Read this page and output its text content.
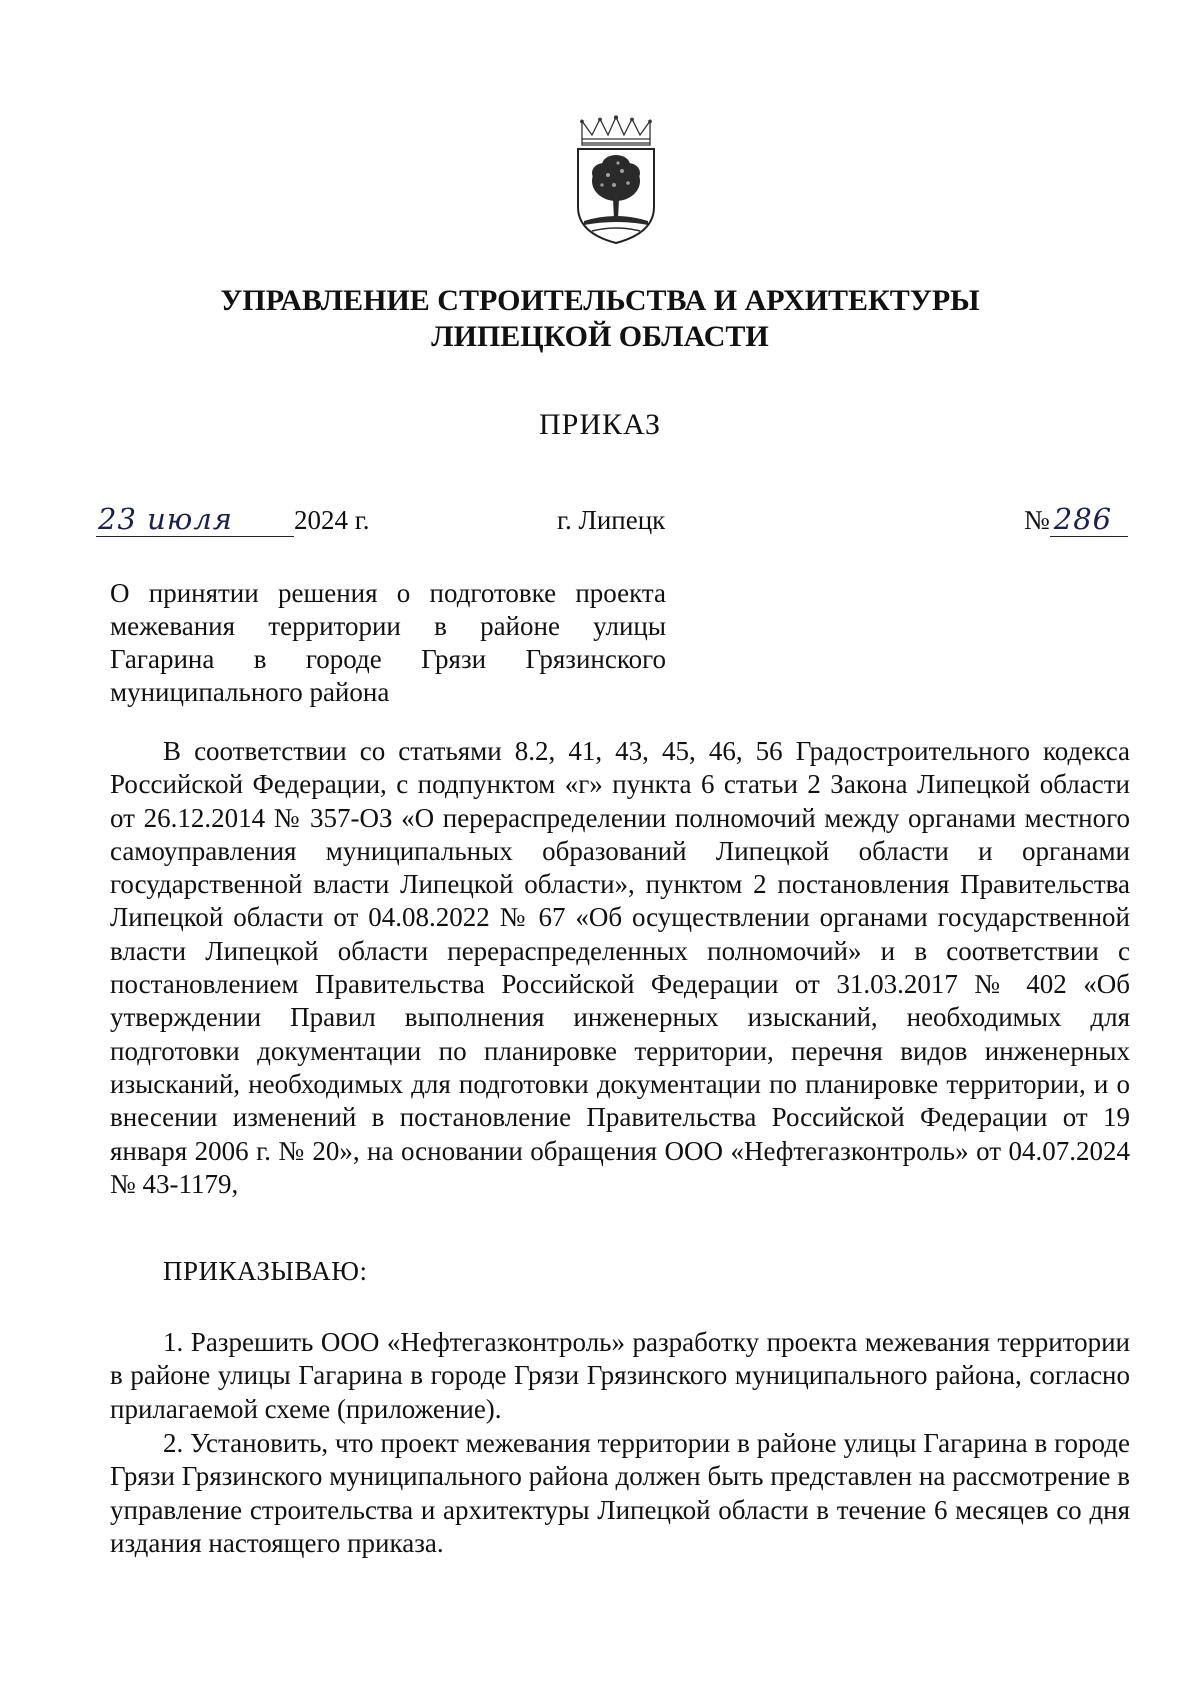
УПРАВЛЕНИЕ СТРОИТЕЛЬСТВА И АРХИТЕКТУРЫ
ЛИПЕЦКОЙ ОБЛАСТИ
ПРИКАЗ
23 июля 2024 г.	г. Липецк	№ 286
О принятии решения о подготовке проекта
межевания территории в районе улицы
Гагарина в городе Грязи Грязинского
муниципального района
В соответствии со статьями 8.2, 41, 43, 45, 46, 56 Градостроительного кодекса Российской Федерации, с подпунктом «г» пункта 6 статьи 2 Закона Липецкой области от 26.12.2014 № 357-ОЗ «О перераспределении полномочий между органами местного самоуправления муниципальных образований Липецкой области и органами государственной власти Липецкой области», пунктом 2 постановления Правительства Липецкой области от 04.08.2022 № 67 «Об осуществлении органами государственной власти Липецкой области перераспределенных полномочий» и в соответствии с постановлением Правительства Российской Федерации от 31.03.2017 № 402 «Об утверждении Правил выполнения инженерных изысканий, необходимых для подготовки документации по планировке территории, перечня видов инженерных изысканий, необходимых для подготовки документации по планировке территории, и о внесении изменений в постановление Правительства Российской Федерации от 19 января 2006 г. № 20», на основании обращения ООО «Нефтегазконтроль» от 04.07.2024 № 43-1179,
ПРИКАЗЫВАЮ:
1. Разрешить ООО «Нефтегазконтроль» разработку проекта межевания территории в районе улицы Гагарина в городе Грязи Грязинского муниципального района, согласно прилагаемой схеме (приложение).
2. Установить, что проект межевания территории в районе улицы Гагарина в городе Грязи Грязинского муниципального района должен быть представлен на рассмотрение в управление строительства и архитектуры Липецкой области в течение 6 месяцев со дня издания настоящего приказа.
